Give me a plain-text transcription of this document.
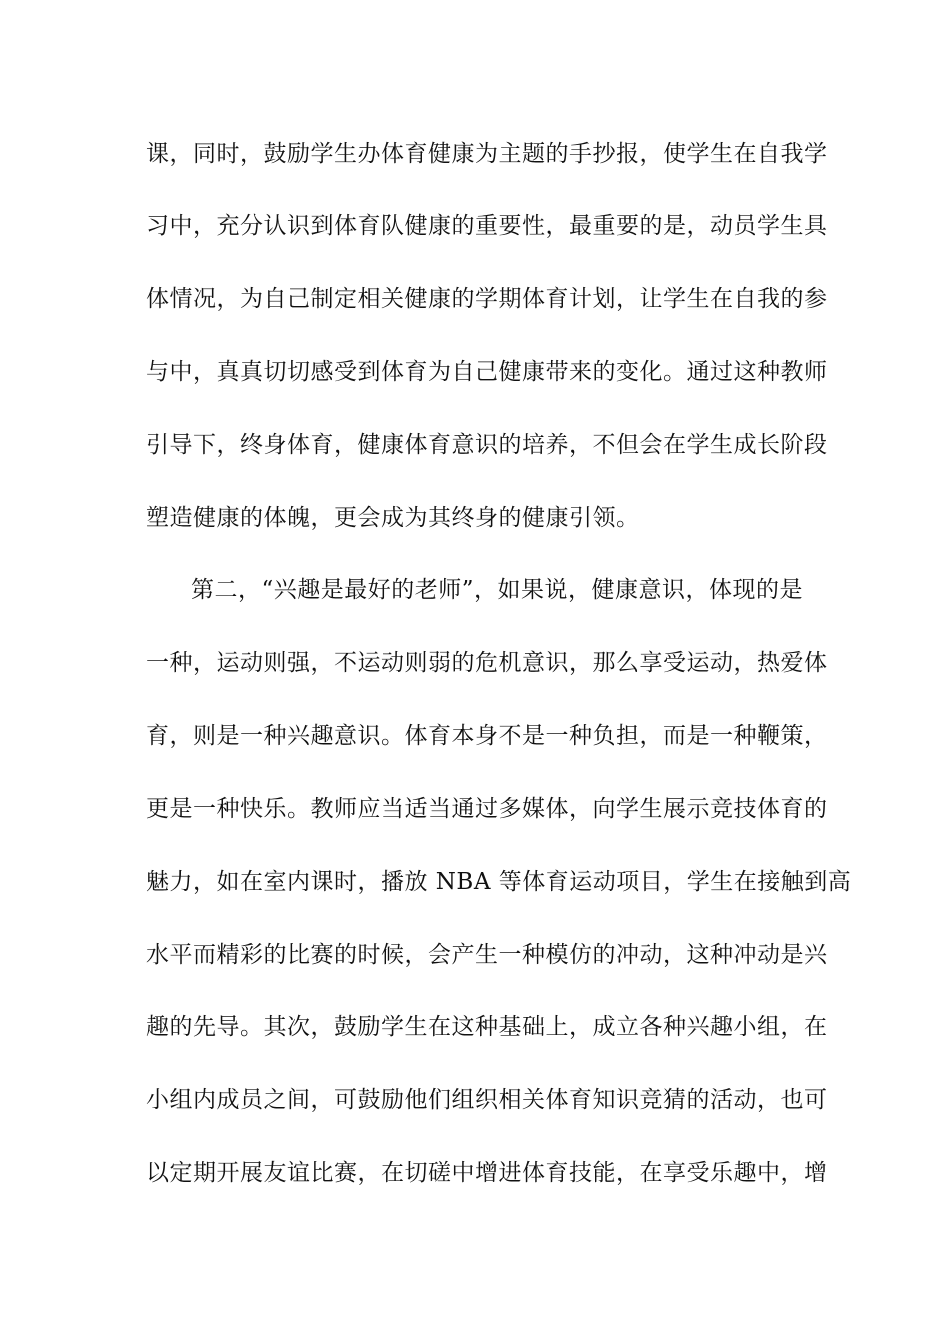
课，同时，鼓励学生办体育健康为主题的手抄报，使学生在自我学
习中，充分认识到体育队健康的重要性，最重要的是，动员学生具
体情况，为自己制定相关健康的学期体育计划，让学生在自我的参
与中，真真切切感受到体育为自己健康带来的变化。通过这种教师
引导下，终身体育，健康体育意识的培养，不但会在学生成长阶段
塑造健康的体魄，更会成为其终身的健康引领。
第二，“兴趣是最好的老师”，如果说，健康意识，体现的是
一种，运动则强，不运动则弱的危机意识，那么享受运动，热爱体
育，则是一种兴趣意识。体育本身不是一种负担，而是一种鞭策，
更是一种快乐。教师应当适当通过多媒体，向学生展示竞技体育的
魅力，如在室内课时，播放 NBA 等体育运动项目，学生在接触到高
水平而精彩的比赛的时候，会产生一种模仿的冲动，这种冲动是兴
趣的先导。其次，鼓励学生在这种基础上，成立各种兴趣小组，在
小组内成员之间，可鼓励他们组织相关体育知识竞猜的活动，也可
以定期开展友谊比赛，在切磋中增进体育技能，在享受乐趣中，增
